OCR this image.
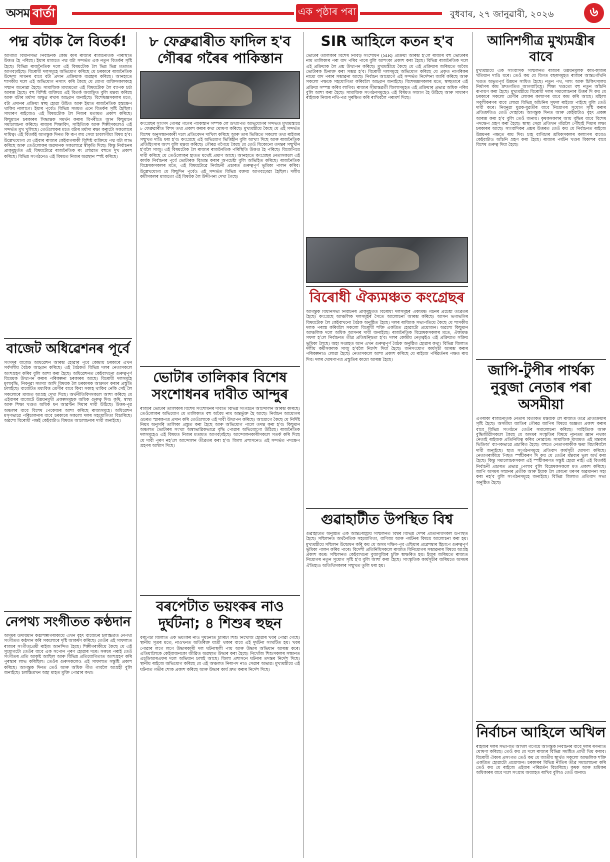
অসম বাৰ্তা	এক পৃষ্ঠাৰ পৰা	বুধবাৰ, ২৭ জানুৱাৰী, ২০২৬	৬
পদ্ম বটাক লৈ বিতৰ্ক!
আগামী বিধানসভা নিৰ্বাচনক কেন্দ্ৰ কৰি ৰাজ্যৰ ৰাজনৈতিক পৰিস্থিতি উত্তপ্ত হৈ পৰিছে। ইয়াৰ মাজতে পদ্ম বটা সন্দৰ্ভত এক নতুন বিতৰ্কৰ সৃষ্টি হৈছে। বিভিন্ন ৰাজনৈতিক দলে এই বিষয়টোক লৈ ভিন্ন ভিন্ন মতামত আগবঢ়াইছে। বিৰোধী দলসমূহে অভিযোগ কৰিছে যে চৰকাৰে ৰাজনৈতিক উদ্দেশ্য সাধনৰ বাবে বটা প্ৰদান প্ৰক্ৰিয়াক ব্যৱহাৰ কৰিছে। আনহাতে শাসকীয় দলে এই অভিযোগ নস্যাৎ কৰি কৈছে যে যোগ্য ব্যক্তিসকলকহে সন্মান জনোৱা হৈছে। সামাজিক মাধ্যমতো এই বিষয়টোক লৈ ব্যাপক চৰ্চা আৰম্ভ হৈছে। বহু বিশিষ্ট ব্যক্তিয়ে এই বিতৰ্ক অবাঞ্ছিত বুলি মন্তব্য কৰিছে আৰু বটাৰ মৰ্যাদা অক্ষুণ্ণ ৰখাৰ আহ্বান জনাইছে। বিশেষজ্ঞসকলৰ মতে, বটা প্ৰদানৰ প্ৰক্ৰিয়া স্বচ্ছ হোৱা উচিত আৰু ইয়াত ৰাজনৈতিক হস্তক্ষেপ থাকিব নালাগে। ইয়াৰ পূৰ্বেও বিভিন্ন সময়ত এনে বিতৰ্কৰ সৃষ্টি হৈছিল। সাধাৰণ ৰাইজেও এই বিষয়টোক লৈ নিজৰ মতামত প্ৰকাশ কৰিছে। কিছুমানে চৰকাৰৰ সিদ্ধান্তক সমৰ্থন কৰাৰ বিপৰীতে আন কিছুমানে সমালোচনা কৰিছে। ৰাজ্যৰ শিক্ষাবিদ, সাহিত্যিক আৰু শিল্পীসকলেও এই সন্দৰ্ভত মুখ খুলিছে। তেওঁলোকৰ মতে বটাৰ মৰ্যাদা ৰক্ষা কৰাটো সকলোৰে দায়িত্ব। এই বিতৰ্কই আগন্তুক দিনত কি ৰূপ লয় সেয়া চাবলগীয়া বিষয় হ'ব। উল্লেখযোগ্য যে এইবাৰ ৰাজ্যৰ কেইবাগৰাকী বিশিষ্ট ব্যক্তিয়ে পদ্ম বটা লাভ কৰিছে আৰু তেওঁলোকৰ অৱদানক সকলোৱে স্বীকৃতি দিছে। কিন্তু নিৰ্বাচনৰ প্ৰাক্‌মুহূৰ্তত এই বিষয়টোৱে ৰাজনৈতিক ৰং লোৱাত বহুতে দুখ প্ৰকাশ কৰিছে। বিভিন্ন সংগঠনেও এই বিষয়ত নিজৰ অৱস্থান স্পষ্ট কৰিছে।
বাজেট অধিৱেশনৰ পূৰ্বে
সংসদৰ বাজেট অধিৱেশন আৰম্ভ হোৱাৰ পূৰ্বে কেন্দ্ৰীয় চৰকাৰে এখন সৰ্বদলীয় বৈঠক আহ্বান কৰিছে। এই বৈঠকত বিভিন্ন দলৰ নেতাসকলে অংশগ্ৰহণ কৰিব বুলি আশা কৰা হৈছে। অধিৱেশনত কেইবাখনো গুৰুত্বপূৰ্ণ বিধেয়ক উত্থাপন কৰাৰ পৰিকল্পনা চৰকাৰৰ আছে। বিৰোধী দলসমূহে মূল্যবৃদ্ধি, নিবনুৱা সমস্যা আদি বিষয়ক লৈ চৰকাৰক আক্ৰমণ কৰাৰ প্ৰস্তুতি চলাইছে। বাজেটত মধ্যবিত্ত শ্ৰেণীৰ বাবে কিবা সকাহ থাকিব নেকি সেই লৈ সকলোৰে মাজত আগ্ৰহ দেখা দিছে। অৰ্থনীতিবিদসকলে আশা কৰিছে যে এইবাৰৰ বাজেটে উন্নয়নমুখী প্ৰকল্পসমূহক অধিক গুৰুত্ব দিব। কৃষি, স্বাস্থ্য আৰু শিক্ষা খণ্ডত অধিক ধন আৱণ্টন দিয়াৰ দাবী উঠিছে। উত্তৰ-পূৱ অঞ্চলৰ বাবে বিশেষ পেকেজৰ আশা কৰিছে ৰাজ্যসমূহে। অধিৱেশন মসৃণভাৱে পৰিচালনাৰ বাবে চৰকাৰে সকলো দলৰ সহযোগিতা বিচাৰিছে। অৱশ্যে বিৰোধী পক্ষই কেইবাটাও বিষয়ত আলোচনাৰ দাবী জনাইছে।
নেপথ্য সংগীতত কণ্ঠদান
অসমৰ উদীয়মান কণ্ঠশিল্পীগৰাকীয়ে এখন বৃহৎ বাজেটৰ চলচ্চিত্ৰত নেপথ্য সংগীতত কণ্ঠদান কৰি সকলোৰে দৃষ্টি আকৰ্ষণ কৰিছে। তেওঁৰ এই সাফল্যত ৰাজ্যৰ সংগীতপ্ৰেমী ৰাইজ আনন্দিত হৈছে। শিল্পীগৰাকীয়ে কৈছে যে এই সুযোগটো তেওঁৰ বাবে এক সপোন পূৰণ হোৱাৰ দৰে। সৰুৰে পৰাই তেওঁ সংগীতৰ প্ৰতি আকৃষ্ট আছিল আৰু বিভিন্ন প্ৰতিযোগিতাত অংশগ্ৰহণ কৰি পুৰস্কাৰ লাভ কৰিছিল। তেওঁৰ গুৰুসকলেও এই সাফল্যত সন্তুষ্টি প্ৰকাশ কৰিছে। আগন্তুক দিনত তেওঁ আৰু অধিক গীত গাবলৈ আগ্ৰহী বুলি জনাইছে। চলচ্চিত্ৰখন অহা মাহত মুক্তি পোৱাৰ কথা।
৮ ফেব্ৰুৱাৰীত ফাদিল হ'ব গৌৰৱ গৰৈৰ পাকিস্তান
কংগ্ৰেছৰ সাংসদ গৌৰৱ গগৈৰ পাকিস্তান সম্পৰ্ক লৈ উত্থাপিত অভিযোগৰ সন্দৰ্ভত মুখ্যমন্ত্ৰীয়ে ৮ ফেব্ৰুৱাৰীত বিশদ তথ্য প্ৰকাশ কৰাৰ কথা ঘোষণা কৰিছে। মুখ্যমন্ত্ৰীয়ে কৈছে যে এই সন্দৰ্ভত বিশেষ অনুসন্ধানকাৰী দলে প্ৰতিবেদন দাখিল কৰিছে আৰু তাৰ ভিত্তিতে সকলো তথ্য ৰাইজৰ সন্মুখত দাঙি ধৰা হ'ব। কংগ্ৰেছে এই অভিযোগ ভিত্তিহীন বুলি আখ্যা দিছে আৰু ৰাজনৈতিক প্ৰতিহিংসাৰ অংশ বুলি মন্তব্য কৰিছে। গৌৰৱ গগৈয়ে কৈছে যে তেওঁ যিকোনো তদন্তৰ সন্মুখীন হ'বলৈ সাজু। এই বিষয়টোক লৈ ৰাজ্যৰ ৰাজনৈতিক পৰিস্থিতি উত্তপ্ত হৈ পৰিছে। বিজেপিয়ে দাবী কৰিছে যে তেওঁলোকৰ হাতত যথেষ্ট প্ৰমাণ আছে। আনহাতে কংগ্ৰেছৰ নেতাসকলে এই কাৰ্যক নিৰ্বাচনৰ পূৰ্বে ভোটাৰক বিভ্ৰান্ত কৰাৰ অপচেষ্টা বুলি অভিহিত কৰিছে। ৰাজনৈতিক বিশ্লেষকসকলৰ মতে, এই বিষয়টোৱে নিৰ্বাচনী প্ৰচাৰত গুৰুত্বপূৰ্ণ ভূমিকা পালন কৰিব। উল্লেখযোগ্য যে কিছুদিন পূৰ্বেও এই সন্দৰ্ভত বিভিন্ন বক্তব্য আগবঢ়োৱা হৈছিল। দলীয় কৰ্মীসকলৰ মাজতো এই বিষয়ক লৈ উদ্দীপনা দেখা গৈছে।
ভোটাৰ তালিকাৰ বিশেষ সংশোধনৰ দাবীত আন্দুৰ
ৰাজ্যৰ ভোটাৰ তালিকাৰ বিশেষ সংশোধনৰ দাবীত বিভিন্ন সংগঠনে আন্দোলন আৰম্ভ কৰিছে। তেওঁলোকৰ অভিযোগ যে তালিকাত বহু অবৈধ নাম অন্তৰ্ভুক্ত হৈ আছে। নিৰ্বাচন আয়োগৰ ওচৰত স্মাৰকপত্ৰ প্ৰদান কৰি তেওঁলোকে এই দাবী উত্থাপন কৰিছে। আয়োগে কৈছে যে নিৰ্দিষ্ট নিয়ম অনুসৰি তালিকা প্ৰস্তুত কৰা হৈছে আৰু অভিযোগ পালে তদন্ত কৰা হ'ব। কিছুমান অঞ্চলত ভোটাৰৰ সংখ্যা অস্বাভাৱিকভাৱে বৃদ্ধি পোৱাৰ অভিযোগো উঠিছে। ৰাজনৈতিক দলসমূহেও এই বিষয়ত নিজৰ মতামত আগবঢ়াইছে। আন্দোলনকাৰীসকলে সতৰ্ক কৰি দিছে যে দাবী পূৰণ নহ'লে আন্দোলন তীব্ৰতৰ কৰা হ'ব। জিলা প্ৰশাসনেও এই সন্দৰ্ভত পদক্ষেপ গ্ৰহণৰ আশ্বাস দিছে।
বৰপেটাত ভয়ংকৰ নাও দুৰ্ঘটনা; ৪ শিশুৰ হুছন
বৰপেটা জিলাত এক ভয়ংকৰ নাও দুৰ্ঘটনাত চাৰিটা শিশু নিখোঁজ হোৱাৰ খবৰ পোৱা গৈছে। স্থানীয় সূত্ৰৰ মতে, নাওখনত অতিৰিক্ত যাত্ৰী থকাৰ বাবে এই দুৰ্ঘটনা সংঘটিত হয়। খবৰ পোৱাৰ লগে লগে উদ্ধাৰকাৰী দল ঘটনাস্থলী পায় আৰু উদ্ধাৰ অভিযান আৰম্ভ কৰে। এতিয়ালৈকে কেইবাজনকো জীৱিত অৱস্থাত উদ্ধাৰ কৰা হৈছে। নিখোঁজ শিশুসকলৰ সন্ধানত এচডিআৰএফৰ দলে অভিযান চলাই আছে। জিলা প্ৰশাসনে ঘটনাৰ তদন্তৰ নিৰ্দেশ দিছে। স্থানীয় ৰাইজে অভিযোগ কৰিছে যে এই অঞ্চলত নিৰাপদ নাও সেৱাৰ অভাৱ। মুখ্যমন্ত্ৰীয়ে এই ঘটনাত গভীৰ শোক প্ৰকাশ কৰিছে আৰু উদ্ধাৰ কাৰ্য দ্ৰুত কৰাৰ নিৰ্দেশ দিছে।
SIR আহিলে কতন হ'ব
ভোটাৰ তালিকাৰ বিশেষ নিবিড় সংশোধন (SIR) প্ৰক্ৰিয়া আৰম্ভ হ'লে ৰাজ্যৰ বহু ভোটাৰৰ নাম তালিকাৰ পৰা বাদ পৰিব পাৰে বুলি আশংকা প্ৰকাশ কৰা হৈছে। বিভিন্ন ৰাজনৈতিক দলে এই প্ৰক্ৰিয়াক লৈ প্ৰশ্ন উত্থাপন কৰিছে। মুখ্যমন্ত্ৰীয়ে কৈছে যে এই প্ৰক্ৰিয়াৰ জৰিয়তে অবৈধ ভোটাৰক চিনাক্ত কৰা সম্ভৱ হ'ব। বিৰোধী দলসমূহে অভিযোগ কৰিছে যে প্ৰকৃত নাগৰিকৰ নামো বাদ পৰাৰ সম্ভাৱনা আছে। নিৰ্বাচন আয়োগে এই সন্দৰ্ভত নিৰ্দেশনা জাৰি কৰিছে আৰু সকলো পক্ষকে সহযোগিতা কৰিবলৈ আহ্বান জনাইছে। বিশেষজ্ঞসকলৰ মতে, স্বচ্ছতাৰে এই প্ৰক্ৰিয়া সম্পন্ন কৰিব লাগিব। ৰাজ্যৰ সীমান্তৱৰ্তী জিলাসমূহত এই প্ৰক্ৰিয়াৰ প্ৰভাৱ অধিক পৰিব বুলি আশা কৰা হৈছে। সামাজিক সংগঠনসমূহেও এই বিষয়ত সজাগ হৈ উঠিছে আৰু সাধাৰণ ৰাইজক নিজৰ নথি-পত্ৰ সুৰক্ষিত কৰি ৰাখিবলৈ পৰামৰ্শ দিছে।
বিৰোধী ঐক্যমঞ্চত কংগ্ৰেছৰ
আগন্তুক বিধানসভা নিৰ্বাচনৰ প্ৰাক্‌মুহূৰ্তত বিৰোধী দলসমূহৰ ঐক্যমঞ্চ গঠনৰ প্ৰচেষ্টা তীব্ৰতৰ হৈছে। কংগ্ৰেছে আঞ্চলিক দলসমূহৰ সৈতে আলোচনা আৰম্ভ কৰিছে। আসন ভগাভগিৰ বিষয়টোক লৈ কেইবাখনো বৈঠক অনুষ্ঠিত হৈছে। দলৰ ৰাজ্যিক সভাপতিয়ে কৈছে যে শাসকীয় দলক পৰাস্ত কৰিবলৈ সকলো বিৰোধী শক্তি একত্ৰিত হোৱাটো প্ৰয়োজন। অৱশ্যে কিছুমান আঞ্চলিক দলে অধিক আসনৰ দাবী জনাইছে। ৰাজনৈতিক বিশ্লেষকসকলৰ মতে, ঐক্যমঞ্চ সফল হ'লে নিৰ্বাচনত তীব্ৰ প্ৰতিদ্বন্দ্বিতা হ'ব। দলৰ কেন্দ্ৰীয় নেতৃত্বইও এই প্ৰক্ৰিয়াত সক্ৰিয় ভূমিকা লৈছে। অহা সপ্তাহত আন এখন গুৰুত্বপূৰ্ণ বৈঠক অনুষ্ঠিত হোৱাৰ কথা। বিভিন্ন জিলাত দলীয় কৰ্মীসকলক সাজু হ'বলৈ নিৰ্দেশ দিয়া হৈছে। জনসংযোগ কাৰ্যসূচী আৰম্ভ কৰাৰ পৰিকল্পনাও লোৱা হৈছে। নেতাসকলে আশা প্ৰকাশ কৰিছে যে ৰাইজে পৰিৱৰ্তনৰ পক্ষত ৰায় দিব। দলৰ ঘোষণাপত্ৰ প্ৰস্তুতিৰ কামো আৰম্ভ হৈছে।
গুৱাহাটীত উপস্থিত বিশ্ব
গুৱাহাটীত অনুষ্ঠিত এক আন্তঃৰাষ্ট্ৰীয় সন্মিলনত বিশ্বৰ বিভিন্ন দেশৰ প্ৰতিনিধিসকল উপস্থিত হৈছে। সন্মিলনত অৰ্থনৈতিক সহযোগিতা, বাণিজ্য আৰু পৰ্যটনৰ বিষয়ে আলোচনা কৰা হয়। মুখ্যমন্ত্ৰীয়ে সন্মিলন উদ্বোধন কৰি কয় যে অসম দক্ষিণ-পূব এছিয়াৰ প্ৰৱেশদ্বাৰ হিচাপে গুৰুত্বপূৰ্ণ ভূমিকা পালন কৰিব পাৰে। বিদেশী প্ৰতিনিধিসকলে ৰাজ্যত বিনিয়োগৰ সম্ভাৱনাৰ বিষয়ে আগ্ৰহ প্ৰকাশ কৰে। সন্মিলনত কেইবাখনো বুজাবুজিৰ চুক্তি স্বাক্ষৰিত হয়। ইয়াৰ জৰিয়তে ৰাজ্যত নিয়োগৰ নতুন সুযোগ সৃষ্টি হ'ব বুলি আশা কৰা হৈছে। সাংস্কৃতিক কাৰ্যসূচীৰ জৰিয়তে অসমৰ ঐতিহ্যও অতিথিসকলৰ সন্মুখত তুলি ধৰা হয়।
আনিশগীত্ৰ মুখ্যমন্ত্ৰীৰ বাবে
মুখ্যমন্ত্ৰীয়ে এক সাংবাদিক সন্মিলনত ৰাজ্যৰ উন্নয়নমূলক কাম-কাজৰ খতিয়ান দাঙি ধৰে। তেওঁ কয় যে বিগত বছৰসমূহত ৰাজ্যৰ আন্তঃগাঁথনি খণ্ডত অভূতপূৰ্ব উন্নয়ন সাধিত হৈছে। নতুন পথ, দলং আৰু চিকিৎসালয় নিৰ্মাণৰ কাম দ্ৰুতগতিত আগবাঢ়িছে। শিক্ষা খণ্ডতো বহু নতুন আঁচনি ৰূপায়ণ কৰা হৈছে। মুখ্যমন্ত্ৰীয়ে বিৰোধী দলৰ সমালোচনাৰ উত্তৰ দি কয় যে চৰকাৰে সকলো শ্ৰেণীৰ লোকৰ কল্যাণৰ বাবে কাম কৰি আছে। মহিলা সবলীকৰণৰ বাবে লোৱা বিভিন্ন আঁচনিৰ সুফল ৰাইজে পাইছে বুলি তেওঁ দাবী কৰে। নিবনুৱা যুৱক-যুৱতীৰ বাবে নিয়োগৰ সুযোগ সৃষ্টি কৰাৰ প্ৰতিশ্ৰুতিও তেওঁ দোহাৰে। আগন্তুক দিনত আৰু কেইবাটাও বৃহৎ প্ৰকল্প আৰম্ভ কৰা হ'ব বুলি তেওঁ জনায়। কৃষকসকলৰ আয় বৃদ্ধিৰ বাবে বিশেষ পদক্ষেপ গ্ৰহণ কৰা হৈছে। স্বাস্থ্য সেৱা প্ৰতিখন গাঁৱলৈ পৌঁছাই দিয়াৰ লক্ষ্য চৰকাৰৰ আছে। সাংবাদিকৰ প্ৰশ্নৰ উত্তৰত তেওঁ কয় যে নিৰ্বাচনত ৰাইজে উন্নয়নৰ পক্ষতে ৰায় দিব। চাহ বাগিচাৰ শ্ৰমিকসকলৰ কল্যাণৰ বাবেও কেইবাটাও আঁচনি গ্ৰহণ কৰা হৈছে। ৰাজ্যৰ পৰ্যটন খণ্ডৰ বিকাশৰ বাবে বিশেষ গুৰুত্ব দিয়া হৈছে।
জাপি-টুপীৰ পাৰ্থক্য নুবুজা নেতাৰ পৰা অসমীয়া
এগৰাকী ৰাজনৈতিক নেতাৰ বিতৰ্কিত মন্তব্যক লৈ ৰাজ্যত তীব্ৰ প্ৰতিক্ৰিয়াৰ সৃষ্টি হৈছে। অসমীয়া জাতিৰ গৌৰৱ জাপিৰ বিষয়ে অজ্ঞতা প্ৰকাশ কৰাৰ বাবে বিভিন্ন সংগঠনে তেওঁৰ সমালোচনা কৰিছে। সাহিত্যিক আৰু বুদ্ধিজীৱীসকলে কৈছে যে অসমৰ সংস্কৃতিৰ বিষয়ে ন্যূনতম জ্ঞান নথকা নেতাই ৰাইজক প্ৰতিনিধিত্ব কৰিব নোৱাৰে। সামাজিক মাধ্যমত এই মন্তব্যৰ ভিডিঅ' ব্যাপকভাৱে প্ৰচাৰিত হৈছে। বহুতে নেতাগৰাকীক ক্ষমা বিচাৰিবলৈ দাবী জনাইছে। ছাত্ৰ সংগঠনসমূহে প্ৰতিবাদ কাৰ্যসূচী ঘোষণা কৰিছে। নেতাগৰাকীয়ে পিছত স্পষ্টীকৰণ দি কয় যে তেওঁৰ মন্তব্যৰ ভুল অৰ্থ কৰা হৈছে। কিন্তু সমালোচকসকল এই স্পষ্টীকৰণত সন্তুষ্ট হোৱা নাই। এই বিতৰ্কই নিৰ্বাচনী প্ৰচাৰত প্ৰভাৱ পেলাব বুলি বিশ্লেষকসকলে মত প্ৰকাশ কৰিছে। জাপি অসমৰ সন্মানৰ প্ৰতীক আৰু ইয়াক লৈ কোনো ধৰণৰ অৱমাননা সহ্য কৰা নহ'ব বুলি সংগঠনসমূহে জনাইছে। বিভিন্ন জিলাত প্ৰতিবাদ সভা অনুষ্ঠিত হৈছে।
নিৰ্বাচন আহিলে অখিল
ৰাইজৰ দলৰ সভাপতি অখিল গগৈয়ে আগন্তুক নিৰ্বাচনৰ বাবে দলৰ ৰণনীতি ঘোষণা কৰিছে। তেওঁ কয় যে দলে ৰাজ্যৰ বিভিন্ন সমষ্টিত প্ৰাৰ্থী থিয় কৰাব। বিৰোধী ঐক্যৰ প্ৰসংগত তেওঁ কয় যে জাতীয় স্বাৰ্থত সকলো আঞ্চলিক শক্তি একত্ৰিত হোৱাটো প্ৰয়োজন। চৰকাৰৰ বিভিন্ন নীতিৰ তীব্ৰ সমালোচনা কৰি তেওঁ কয় যে ৰাইজে এইবাৰ পৰিৱৰ্তন বিচাৰিছে। কৃষক আৰু শ্ৰমিকৰ অধিকাৰৰ বাবে দলে সংগ্ৰাম অব্যাহত ৰাখিব বুলিও তেওঁ জনায়।
